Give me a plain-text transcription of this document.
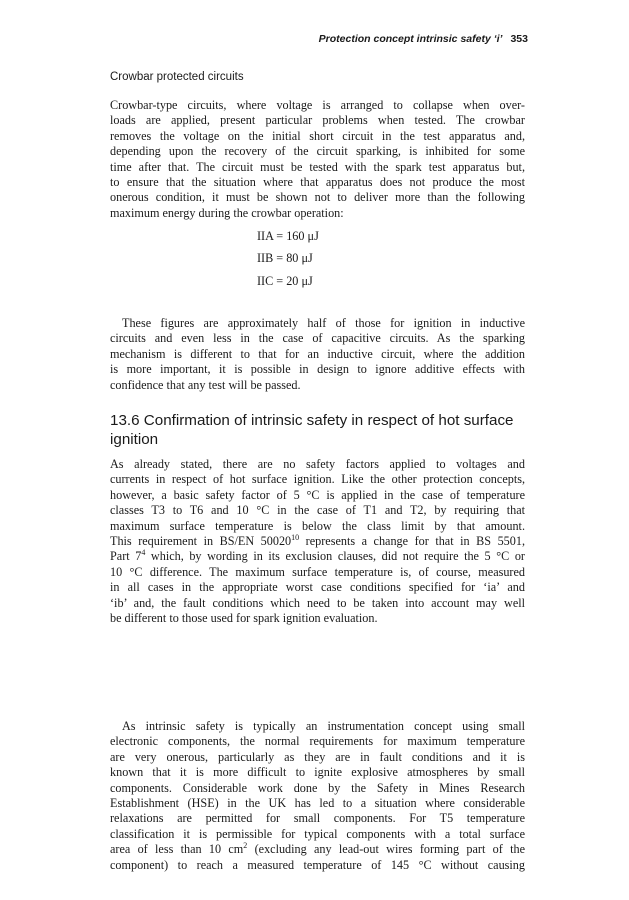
Protection concept intrinsic safety ‘i’ 353
Crowbar protected circuits
Crowbar-type circuits, where voltage is arranged to collapse when over-
loads are applied, present particular problems when tested. The crowbar
removes the voltage on the initial short circuit in the test apparatus and,
depending upon the recovery of the circuit sparking, is inhibited for some
time after that. The circuit must be tested with the spark test apparatus but,
to ensure that the situation where that apparatus does not produce the most
onerous condition, it must be shown not to deliver more than the following
maximum energy during the crowbar operation:
IIA = 160 μJ
IIB = 80 μJ
IIC = 20 μJ
These figures are approximately half of those for ignition in inductive
circuits and even less in the case of capacitive circuits. As the sparking
mechanism is different to that for an inductive circuit, where the addition
is more important, it is possible in design to ignore additive effects with
confidence that any test will be passed.
13.6 Confirmation of intrinsic safety in respect of hot surface ignition
As already stated, there are no safety factors applied to voltages and
currents in respect of hot surface ignition. Like the other protection concepts,
however, a basic safety factor of 5 °C is applied in the case of temperature
classes T3 to T6 and 10 °C in the case of T1 and T2, by requiring that
maximum surface temperature is below the class limit by that amount.
This requirement in BS/EN 50020$^{10}$ represents a change for that in BS 5501,
Part $7^4$ which, by wording in its exclusion clauses, did not require the 5 °C or
10 °C difference. The maximum surface temperature is, of course, measured
in all cases in the appropriate worst case conditions specified for ‘ia’ and
‘ib’ and, the fault conditions which need to be taken into account may well
be different to those used for spark ignition evaluation.
As intrinsic safety is typically an instrumentation concept using small
electronic components, the normal requirements for maximum temperature
are very onerous, particularly as they are in fault conditions and it is
known that it is more difficult to ignite explosive atmospheres by small
components. Considerable work done by the Safety in Mines Research
Establishment (HSE) in the UK has led to a situation where considerable
relaxations are permitted for small components. For T5 temperature
classification it is permissible for typical components with a total surface
area of less than 10 $cm^2$ (excluding any lead-out wires forming part of the
component) to reach a measured temperature of 145 °C without causing
